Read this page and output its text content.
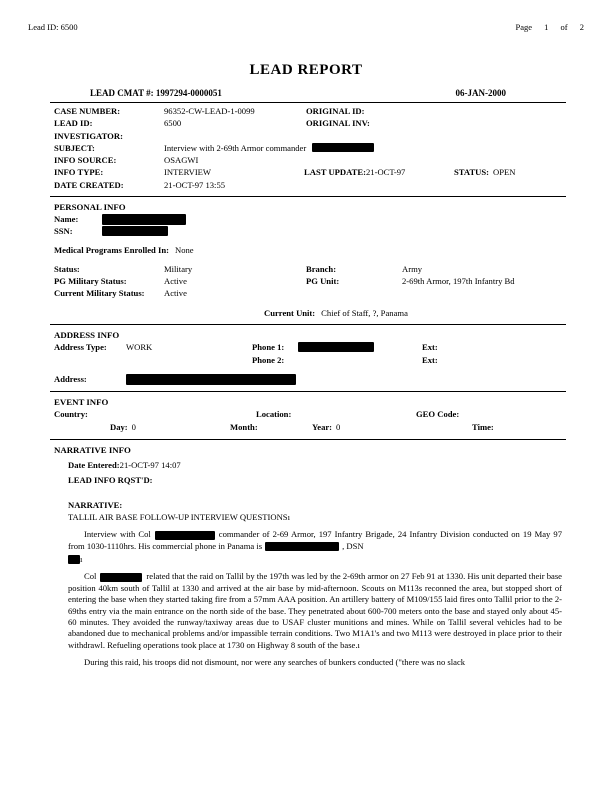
Lead ID: 6500	Page 1 of 2
LEAD REPORT
LEAD CMAT #: 1997294-0000051	06-JAN-2000
CASE NUMBER:	96352-CW-LEAD-1-0099	ORIGINAL ID:
LEAD ID:	6500	ORIGINAL INV:
INVESTIGATOR:
SUBJECT:	Interview with 2-69th Armor commander
INFO SOURCE:	OSAGWI
INFO TYPE:	INTERVIEW	LAST UPDATE: 21-OCT-97	STATUS: OPEN
DATE CREATED:	21-OCT-97 13:55
PERSONAL INFO
Name:
SSN:
Medical Programs Enrolled In: None
Status:	Military	Branch:	Army
PG Military Status:	Active	PG Unit:	2-69th Armor, 197th Infantry Bd
Current Military Status:	Active
Current Unit: Chief of Staff, ?, Panama
ADDRESS INFO
Address Type:	WORK	Phone 1:	Ext:
Phone 2:	Ext:
Address:
EVENT INFO
Country:	Location:	GEO Code:
Day: 0	Month:	Year: 0	Time:
NARRATIVE INFO
Date Entered: 21-OCT-97 14:07
LEAD INFO RQST'D:
NARRATIVE:
TALLIL AIR BASE FOLLOW-UP INTERVIEW QUESTIONSı

Interview with Col	commander of 2-69 Armor, 197 Infantry Brigade, 24 Infantry Division conducted on 19 May 97 from 1030-1110hrs. His commercial phone in Panama is	, DSN

ı

Col	related that the raid on Tallil by the 197th was led by the 2-69th armor on 27 Feb 91 at 1330. His unit departed their base position 40km south of Tallil at 1330 and arrived at the air base by mid-afternoon. Scouts on M113s reconned the area, but stopped short of entering the base when they started taking fire from a 57mm AAA position. An artillery battery of M109/155 laid fires onto Tallil prior to the 2-69ths entry via the main entrance on the north side of the base. They penetrated about 600-700 meters onto the base and stayed only about 45-60 minutes. They avoided the runway/taxiway areas due to USAF cluster munitions and mines. While on Tallil several vehicles had to be abandoned due to mechanical problems and/or impassible terrain conditions. Two M1A1's and two M113 were destroyed in place prior to their withdrawl. Refueling operations took place at 1730 on Highway 8 south of the base.ı

During this raid, his troops did not dismount, nor were any searches of bunkers conducted ("there was no slack
